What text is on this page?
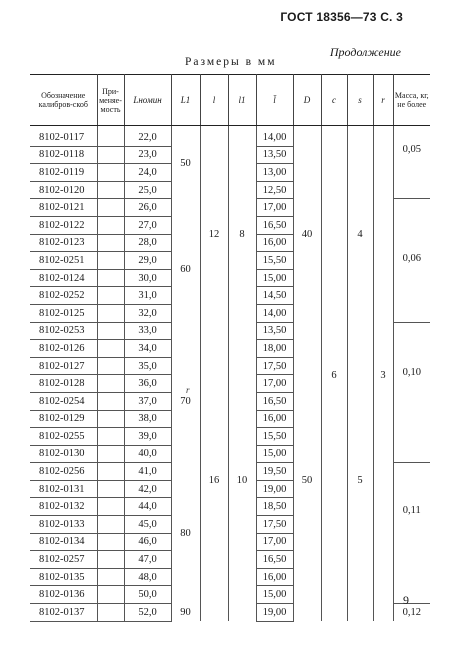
ГОСТ 18356—73 С. 3
Продолжение
Размеры в мм
Обозначение калибров-скоб	При-меняе-мость	Lномин	L1	l	l1	l̄	D	c	s	r	Масса, кг, не более
8102-0117		22,0	50	12	8	14,00	40	6	4	3	0,05
8102-0118		23,0				13,50					
8102-0119		24,0				13,00					
8102-0120		25,0				12,50					
8102-0121		26,0	60			17,00					0,06
8102-0122		27,0				16,50					
8102-0123		28,0				16,00					
8102-0251		29,0				15,50					
8102-0124		30,0				15,00					
8102-0252		31,0				14,50					
8102-0125		32,0				14,00					
8102-0253		33,0				13,50					0,10
8102-0126		34,0	70	16	10	18,00	50		5		
8102-0127		35,0				17,50					
8102-0128		36,0				17,00					
8102-0254		37,0				16,50					
8102-0129		38,0				16,00					
8102-0255		39,0				15,50					
8102-0130		40,0				15,00					
8102-0256		41,0	80			19,50					0,11
8102-0131		42,0				19,00					
8102-0132		44,0				18,50					
8102-0133		45,0				17,50					
8102-0134		46,0				17,00					
8102-0257		47,0				16,50					
8102-0135		48,0				16,00					
8102-0136		50,0				15,00					
8102-0137		52,0	90			19,00					0,12
9
r
